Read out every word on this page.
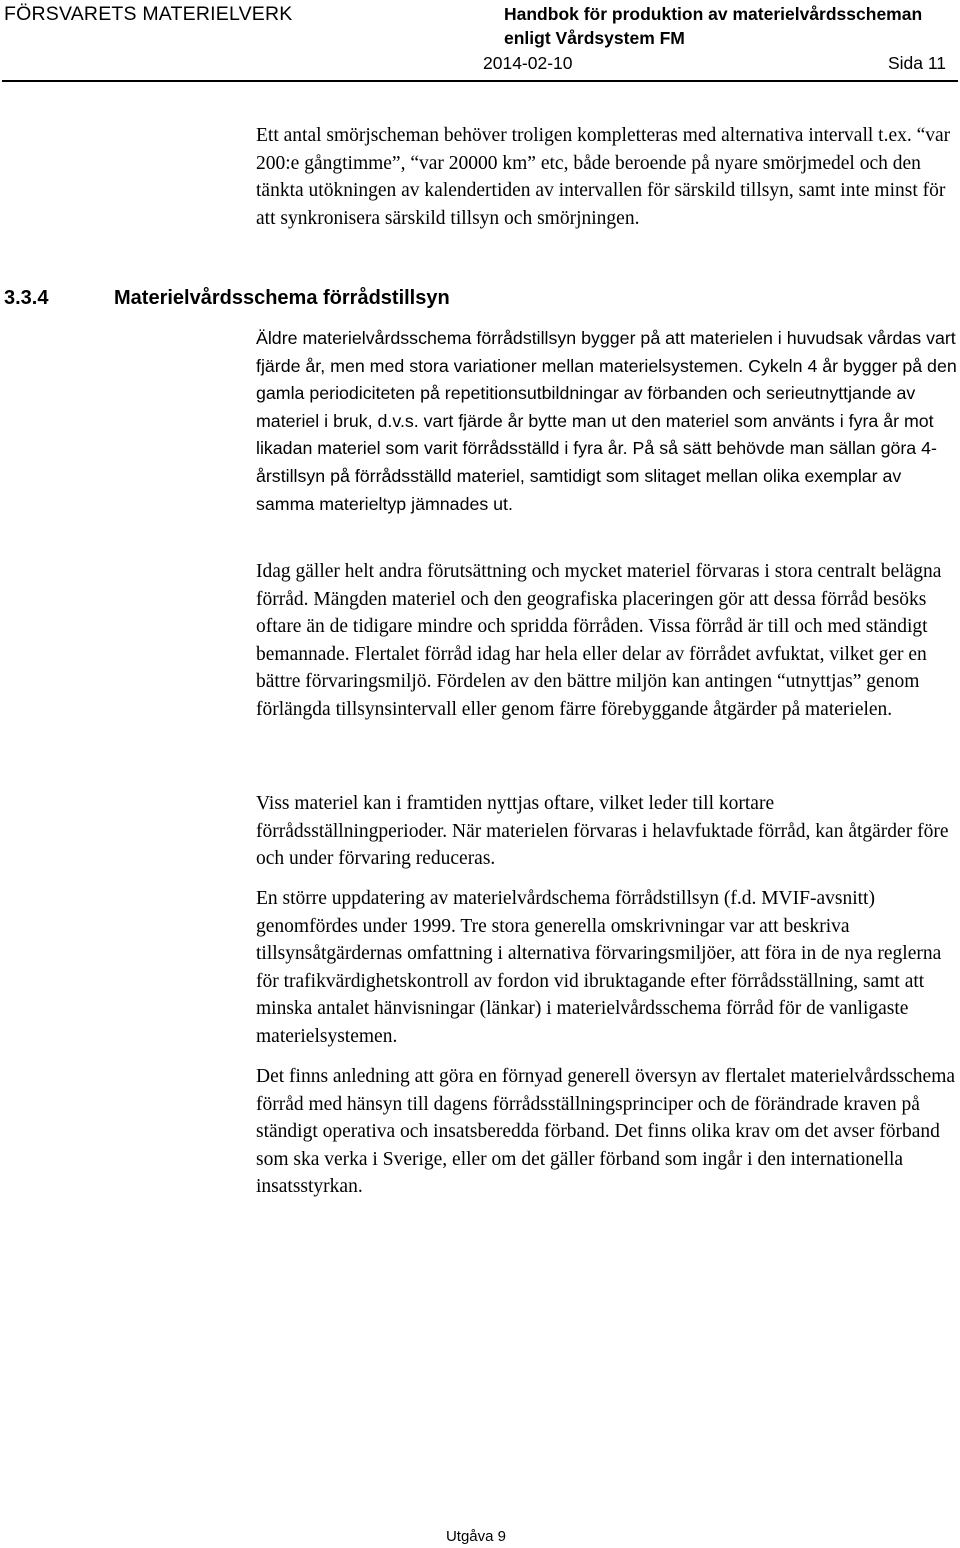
FÖRSVARETS MATERIELVERK	Handbok för produktion av materielvårdsscheman enligt Vårdsystem FM
2014-02-10	Sida 11

Ett antal smörjscheman behöver troligen kompletteras med alternativa intervall t.ex. “var 200:e gångtimme”, “var 20000 km” etc, både beroende på nyare smörjmedel och den tänkta utökningen av kalendertiden av intervallen för särskild tillsyn, samt inte minst för att synkronisera särskild tillsyn och smörjningen.

3.3.4	Materielvårdsschema förrådstillsyn

Äldre materielvårdsschema förrådstillsyn bygger på att materielen i huvudsak vårdas vart fjärde år, men med stora variationer mellan materielsystemen. Cykeln 4 år bygger på den gamla periodiciteten på repetitionsutbildningar av förbanden och serieutnyttjande av materiel i bruk, d.v.s. vart fjärde år bytte man ut den materiel som använts i fyra år mot likadan materiel som varit förrådsställd i fyra år. På så sätt behövde man sällan göra 4-årstillsyn på förrådsställd materiel, samtidigt som slitaget mellan olika exemplar av samma materieltyp jämnades ut.

Idag gäller helt andra förutsättning och mycket materiel förvaras i stora centralt belägna förråd. Mängden materiel och den geografiska placeringen gör att dessa förråd besöks oftare än de tidigare mindre och spridda förråden. Vissa förråd är till och med ständigt bemannade. Flertalet förråd idag har hela eller delar av förrådet avfuktat, vilket ger en bättre förvaringsmiljö. Fördelen av den bättre miljön kan antingen “utnyttjas” genom förlängda tillsynsintervall eller genom färre förebyggande åtgärder på materielen.

Viss materiel kan i framtiden nyttjas oftare, vilket leder till kortare förrådsställningperioder. När materielen förvaras i helavfuktade förråd, kan åtgärder före och under förvaring reduceras.

En större uppdatering av materielvårdschema förrådstillsyn (f.d. MVIF-avsnitt) genomfördes under 1999. Tre stora generella omskrivningar var att beskriva tillsynsåtgärdernas omfattning i alternativa förvaringsmiljöer, att föra in de nya reglerna för trafikvärdighetskontroll av fordon vid ibruktagande efter förrådsställning, samt att minska antalet hänvisningar (länkar) i materielvårdsschema förråd för de vanligaste materielsystemen.

Det finns anledning att göra en förnyad generell översyn av flertalet materielvårdsschema förråd med hänsyn till dagens förrådsställningsprinciper och de förändrade kraven på ständigt operativa och insatsberedda förband. Det finns olika krav om det avser förband som ska verka i Sverige, eller om det gäller förband som ingår i den internationella insatsstyrkan.

Utgåva 9
